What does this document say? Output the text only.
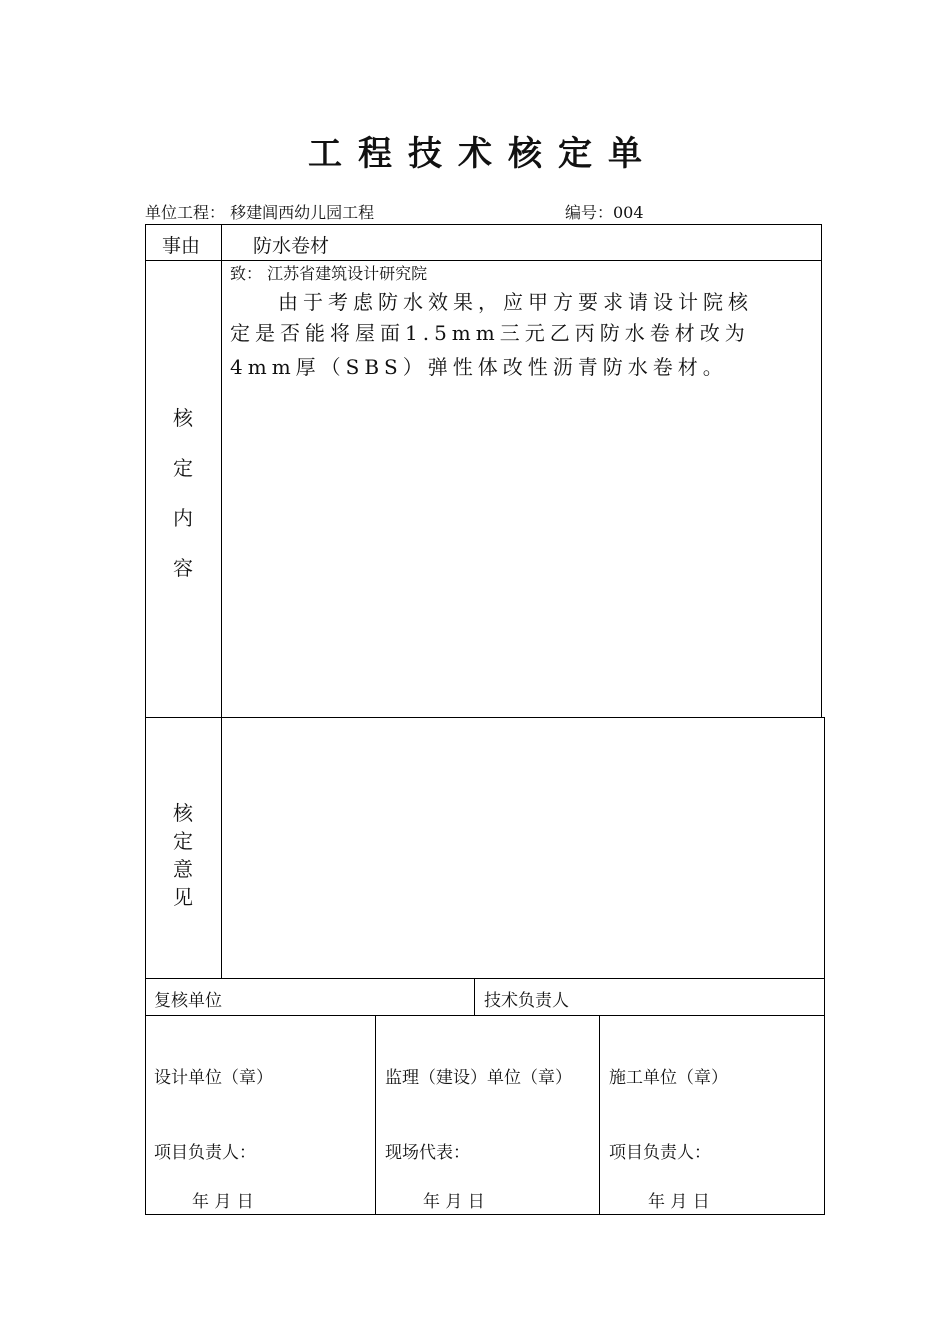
工程技术核定单
单位工程： 移建阊西幼儿园工程	编号：004
事由	防水卷材
核
定
内
容
致： 江苏省建筑设计研究院
由于考虑防水效果，应甲方要求请设计院核
定是否能将屋面1.5mm三元乙丙防水卷材改为
4mm厚（SBS）弹性体改性沥青防水卷材。
核
定
意
见
复核单位	技术负责人
设计单位（章）
项目负责人：
年 月 日
监理（建设）单位（章）
现场代表：
年 月 日
施工单位（章）
项目负责人：
年 月 日
